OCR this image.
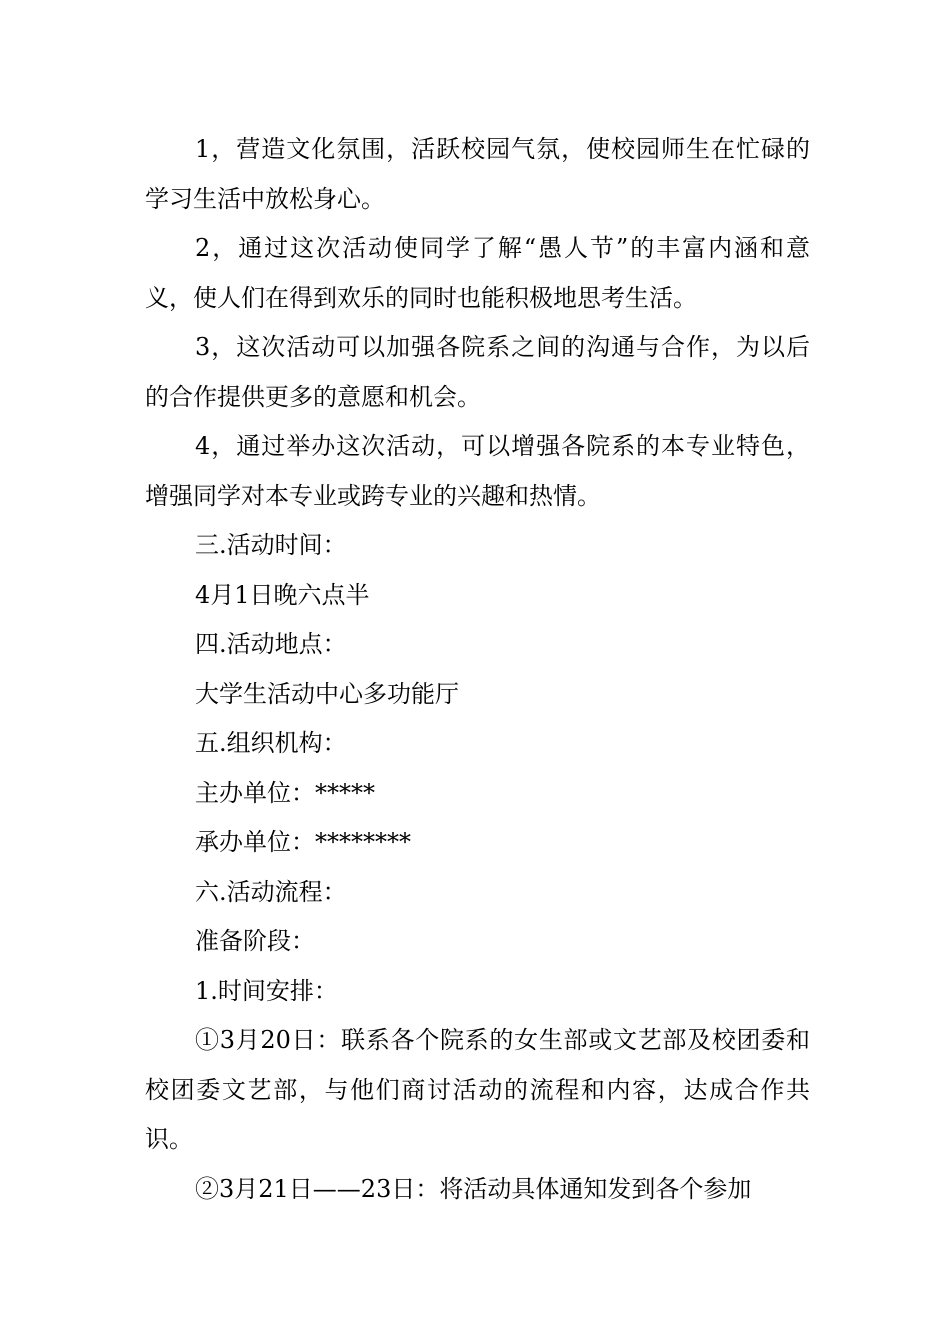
1，营造文化氛围，活跃校园气氛，使校园师生在忙碌的学习生活中放松身心。

2，通过这次活动使同学了解“愚人节”的丰富内涵和意义，使人们在得到欢乐的同时也能积极地思考生活。

3，这次活动可以加强各院系之间的沟通与合作，为以后的合作提供更多的意愿和机会。

4，通过举办这次活动，可以增强各院系的本专业特色，增强同学对本专业或跨专业的兴趣和热情。

三.活动时间：

4月1日晚六点半

四.活动地点：

大学生活动中心多功能厅

五.组织机构：

主办单位：*****

承办单位：********

六.活动流程：

准备阶段：

1.时间安排：

①3月20日：联系各个院系的女生部或文艺部及校团委和校团委文艺部，与他们商讨活动的流程和内容，达成合作共识。

②3月21日——23日：将活动具体通知发到各个参加
